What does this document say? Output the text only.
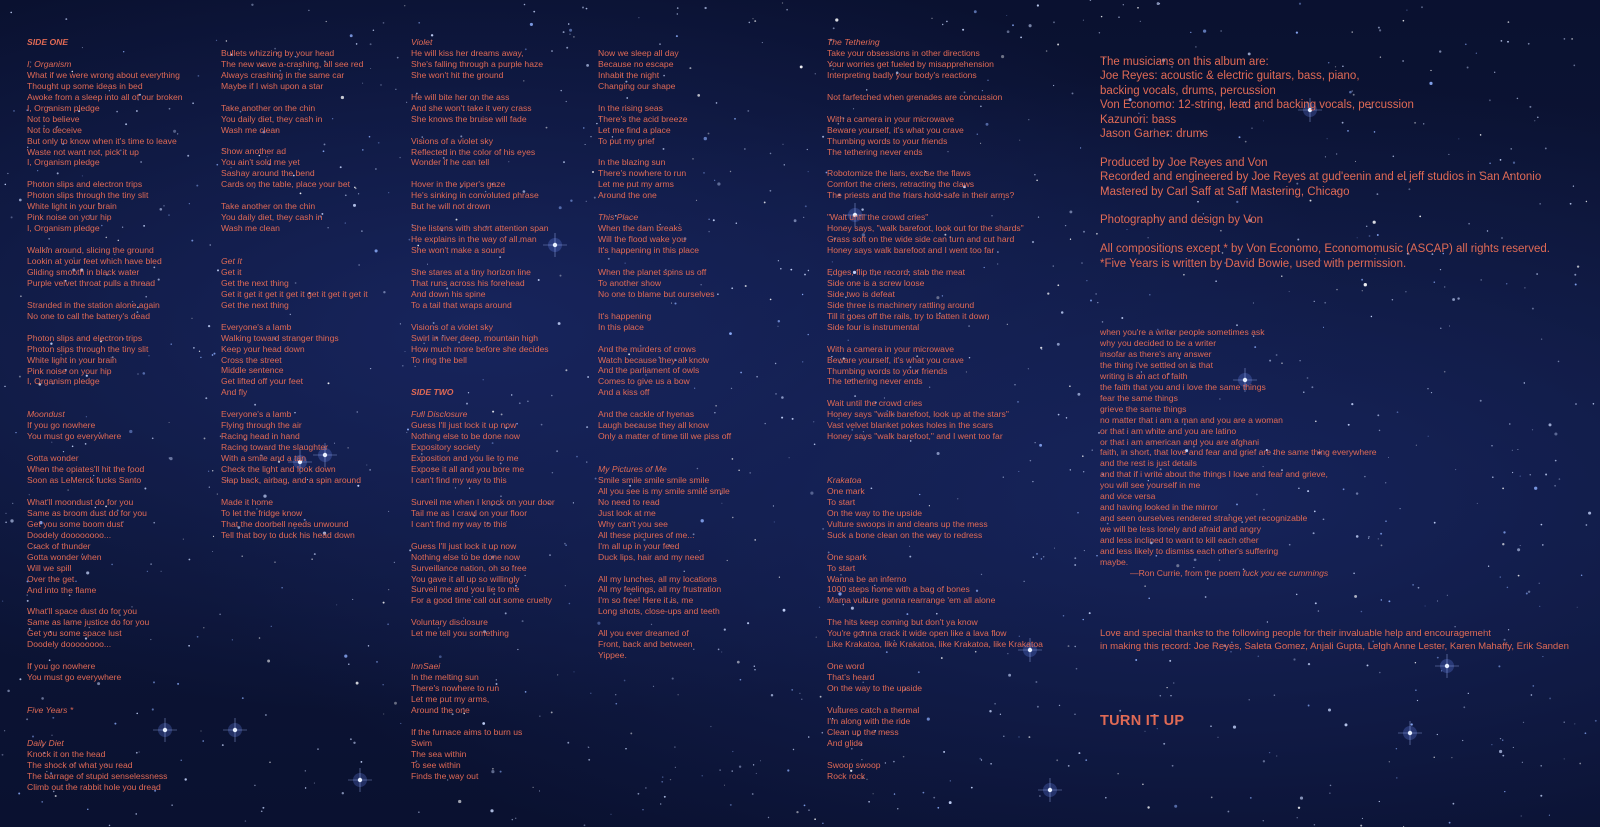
SIDE ONE
I, Organism
What if we were wrong about everything
Thought up some ideas in bed
Awoke from a sleep into all of our broken
I, Organism pledge
Not to believe
Not to deceive
But only to know when it's time to leave
Waste not want not, pick it up
I, Organism pledge
Photon slips and electron trips
Photon slips through the tiny slit
White light in your brain
Pink noise on your hip
I, Organism pledge
Walkin around, slicing the ground
Lookin at your feet which have bled
Gliding smooth in black water
Purple velvet throat pulls a thread
Stranded in the station alone again
No one to call the battery's dead
Photon slips and electron trips
Photon slips through the tiny slit
White light in your brain
Pink noise on your hip
I, Organism pledge
Moondust
If you go nowhere
You must go everywhere
Gotta wonder
When the opiates'll hit the food
Soon as LeMerck fucks Santo
What'll moondust do for you
Same as broom dust do for you
Get you some boom dust
Doodely doooooooo...
Crack of thunder
Gotta wonder when
Will we spill
Over the get
And into the flame
What'll space dust do for you
Same as lame justice do for you
Get you some space lust
Doodely doooooooo...
If you go nowhere
You must go everywhere
Five Years *
Daily Diet
Knock it on the head
The shock of what you read
The barrage of stupid senselessness
Climb out the rabbit hole you dread
Bullets whizzing by your head
The new wave a-crashing, all see red
Always crashing in the same car
Maybe if I wish upon a star
Take another on the chin
You daily diet, they cash in
Wash me clean
Show another ad
You ain't sold me yet
Sashay around the bend
Cards on the table, place your bet
Take another on the chin
You daily diet, they cash in
Wash me clean
Get It
Get it
Get the next thing
Get it get it get it get it get it get it get it
Get the next thing
Everyone's a lamb
Walking toward stranger things
Keep your head down
Cross the street
Middle sentence
Get lifted off your feet
And fly
Everyone's a lamb
Flying through the air
Racing head in hand
Racing toward the slaughter
With a smile and a tan
Check the light and look down
Slap back, airbag, and a spin around
Made it home
To let the fridge know
That the doorbell needs unwound
Tell that boy to duck his head down
Violet
He will kiss her dreams away,
She's falling through a purple haze
She won't hit the ground
He will bite her on the ass
And she won't take it very crass
She knows the bruise will fade
Visions of a violet sky
Reflected in the color of his eyes
Wonder if he can tell
Hover in the viper's gaze
He's sinking in convoluted phrase
But he will not drown
She listens with short attention span
He explains in the way of all man
She won't make a sound
She stares at a tiny horizon line
That runs across his forehead
And down his spine
To a tail that wraps around
Visions of a violet sky
Swirl in river deep, mountain high
How much more before she decides
To ring the bell
SIDE TWO
Full Disclosure
Guess I'll just lock it up now
Nothing else to be done now
Expository society
Exposition and you lie to me
Expose it all and you bore me
I can't find my way to this
Surveil me when I knock on your door
Tail me as I crawl on your floor
I can't find my way to this
Guess I'll just lock it up now
Nothing else to be done now
Surveillance nation, oh so free
You gave it all up so willingly
Surveil me and you lie to me
For a good time call out some cruelty
Voluntary disclosure
Let me tell you something
InnSaei
In the melting sun
There's nowhere to run
Let me put my arms,
Around the one
If the furnace aims to burn us
Swim
The sea within
To see within
Finds the way out
Now we sleep all day
Because no escape
Inhabit the night
Changing our shape
In the rising seas
There's the acid breeze
Let me find a place
To put my grief
In the blazing sun
There's nowhere to run
Let me put my arms
Around the one
This Place
When the dam breaks
Will the flood wake you
It's happening in this place
When the planet spins us off
To another show
No one to blame but ourselves
It's happening
In this place
And the murders of crows
Watch because they all know
And the parliament of owls
Comes to give us a bow
And a kiss off
And the cackle of hyenas
Laugh because they all know
Only a matter of time till we piss off
My Pictures of Me
Smile smile smile smile smile
All you see is my smile smile smile
No need to read
Just look at me
Why can't you see
All these pictures of me...
I'm all up in your feed
Duck lips, hair and my need
All my lunches, all my locations
All my feelings, all my frustration
I'm so free! Here it is, me
Long shots, close-ups and teeth
All you ever dreamed of
Front, back and between
Yippee.
The Tethering
Take your obsessions in other directions
Your worries get fueled by misapprehension
Interpreting badly your body's reactions
Not farfetched when grenades are concussion
With a camera in your microwave
Beware yourself, it's what you crave
Thumbing words to your friends
The tethering never ends
Robotomize the liars, excise the flaws
Comfort the criers, retracting the claws
The priests and the friars hold-safe in their arms?
"Wait until the crowd cries"
Honey says, "walk barefoot, look out for the shards"
Grass soft on the wide side can turn and cut hard
Honey says walk barefoot and I went too far
Edges, flip the record, stab the meat
Side one is a screw loose
Side two is defeat
Side three is machinery rattling around
Till it goes off the rails, try to batten it down
Side four is instrumental
With a camera in your microwave
Beware yourself, it's what you crave
Thumbing words to your friends
The tethering never ends
Wait until the crowd cries
Honey says "walk barefoot, look up at the stars"
Vast velvet blanket pokes holes in the scars
Honey says "walk barefoot," and I went too far
Krakatoa
One mark
To start
On the way to the upside
Vulture swoops in and cleans up the mess
Suck a bone clean on the way to redress
One spark
To start
Wanna be an inferno
1000 steps home with a bag of bones
Mama vulture gonna rearrange 'em all alone
The hits keep coming but don't ya know
You're gonna crack it wide open like a lava flow
Like Krakatoa, like Krakatoa, like Krakatoa, like Krakatoa
One word
That's heard
On the way to the upside
Vultures catch a thermal
I'm along with the ride
Clean up the mess
And glide
Swoop swoop
Rock rock
The musicians on this album are:
Joe Reyes: acoustic & electric guitars, bass, piano,
backing vocals, drums, percussion
Von Economo: 12-string, lead and backing vocals, percussion
Kazunori: bass
Jason Garner: drums
Produced by Joe Reyes and Von
Recorded and engineered by Joe Reyes at gud'eenin and el jeff studios in San Antonio
Mastered by Carl Saff at Saff Mastering, Chicago
Photography and design by Von
All compositions except * by Von Economo, Economomusic (ASCAP) all rights reserved.
*Five Years is written by David Bowie, used with permission.
when you're a writer people sometimes ask
why you decided to be a writer
insofar as there's any answer
the thing i've settled on is that
writing is an act of faith
the faith that you and i love the same things
fear the same things
grieve the same things
no matter that i am a man and you are a woman
or that i am white and you are latino
or that i am american and you are afghani
faith, in short, that love and fear and grief are the same thing everywhere
and the rest is just details
and that if i write about the things I love and fear and grieve,
you will see yourself in me
and vice versa
and having looked in the mirror
and seen ourselves rendered strange yet recognizable
we will be less lonely and afraid and angry
and less inclined to want to kill each other
and less likely to dismiss each other's suffering
maybe.
—Ron Currie, from the poem fuck you ee cummings
Love and special thanks to the following people for their invaluable help and encouragement
in making this record: Joe Reyes, Saleta Gomez, Anjali Gupta, Leigh Anne Lester, Karen Mahaffy, Erik Sanden
TURN IT UP
